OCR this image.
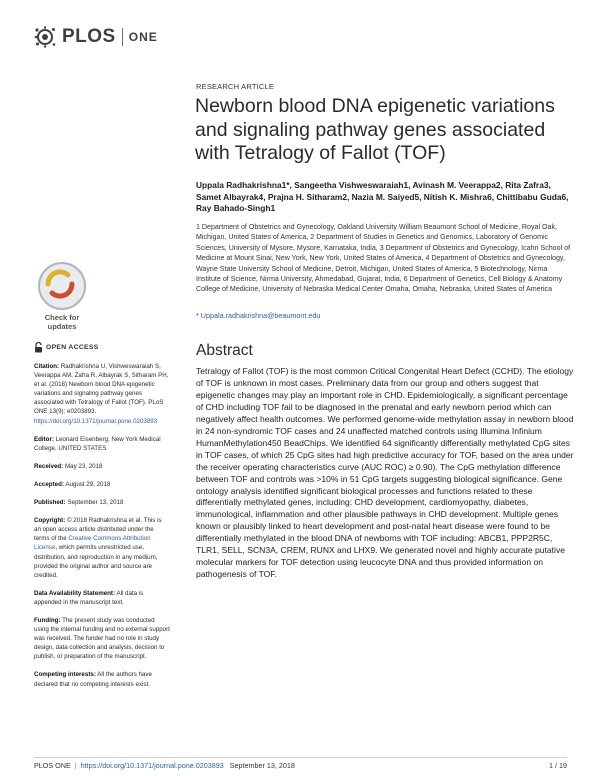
PLOS ONE
RESEARCH ARTICLE
Newborn blood DNA epigenetic variations and signaling pathway genes associated with Tetralogy of Fallot (TOF)
Uppala Radhakrishna1*, Sangeetha Vishweswaraiah1, Avinash M. Veerappa2, Rita Zafra3, Samet Albayrak4, Prajna H. Sitharam2, Nazia M. Saiyed5, Nitish K. Mishra6, Chittibabu Guda6, Ray Bahado-Singh1
1 Department of Obstetrics and Gynecology, Oakland University William Beaumont School of Medicine, Royal Oak, Michigan, United States of America, 2 Department of Studies in Genetics and Genomics, Laboratory of Genomic Sciences, University of Mysore, Mysore, Karnataka, India, 3 Department of Obstetrics and Gynecology, Icahn School of Medicine at Mount Sinai, New York, New York, United States of America, 4 Department of Obstetrics and Gynecology, Wayne State University School of Medicine, Detroit, Michigan, United States of America, 5 Biotechnology, Nirma Institute of Science, Nirma University, Ahmedabad, Gujarat, India, 6 Department of Genetics, Cell Biology & Anatomy College of Medicine, University of Nebraska Medical Center Omaha, Omaha, Nebraska, United States of America
* Uppala.radhakrishna@beaumont.edu
Check for updates
Abstract

Tetralogy of Fallot (TOF) is the most common Critical Congenital Heart Defect (CCHD). The etiology of TOF is unknown in most cases. Preliminary data from our group and others suggest that epigenetic changes may play an important role in CHD. Epidemiologically, a significant percentage of CHD including TOF fail to be diagnosed in the prenatal and early newborn period which can negatively affect health outcomes. We performed genome-wide methylation assay in newborn blood in 24 non-syndromic TOF cases and 24 unaffected matched controls using Illumina Infinium HumanMethylation450 BeadChips. We identified 64 significantly differentially methylated CpG sites in TOF cases, of which 25 CpG sites had high predictive accuracy for TOF, based on the area under the receiver operating characteristics curve (AUC ROC) ≥ 0.90). The CpG methylation difference between TOF and controls was >10% in 51 CpG targets suggesting biological significance. Gene ontology analysis identified significant biological processes and functions related to these differentially methylated genes, including: CHD development, cardiomyopathy, diabetes, immunological, inflammation and other plausible pathways in CHD development. Multiple genes known or plausibly linked to heart development and post-natal heart disease were found to be differentially methylated in the blood DNA of newborns with TOF including: ABCB1, PPP2R5C, TLR1, SELL, SCN3A, CREM, RUNX and LHX9. We generated novel and highly accurate putative molecular markers for TOF detection using leucocyte DNA and thus provided information on pathogenesis of TOF.

OPEN ACCESS

Citation: Radhakrishna U, Vishweswaraiah S, Veerappa AM, Zafra R, Albayrak S, Sitharam PH, et al. (2018) Newborn blood DNA epigenetic variations and signaling pathway genes associated with Tetralogy of Fallot (TOF). PLoS ONE 13(9): e0203893. https://doi.org/10.1371/journal.pone.0203893

Editor: Leonard Eisenberg, New York Medical College, UNITED STATES

Received: May 23, 2018

Accepted: August 29, 2018

Published: September 13, 2018

Copyright: © 2018 Radhakrishna et al. This is an open access article distributed under the terms of the Creative Commons Attribution License, which permits unrestricted use, distribution, and reproduction in any medium, provided the original author and source are credited.

Data Availability Statement: All data is appended in the manuscript text.

Funding: The present study was conducted using the internal funding and no external support was received. The funder had no role in study design, data collection and analysis, decision to publish, or preparation of the manuscript.

Competing interests: All the authors have declared that no competing interests exist.

PLOS ONE | https://doi.org/10.1371/journal.pone.0203893 September 13, 2018	1 / 19
